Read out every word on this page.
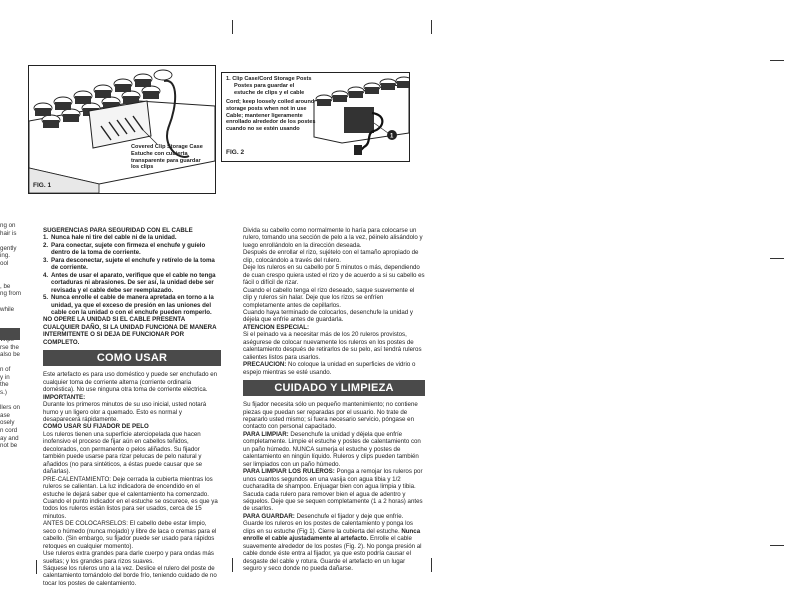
ng on
hair is
gently
ing.
ool
, be
ng from
while
rse the
also be
n of
y in
the
s.)
llers on
ase
osely
n cord
ay and
not be
Covered Clip Storage Case
Estuche con cubierta
transparente para guardar
los clips
FIG. 1
1
1. Clip Case/Cord Storage Posts
Postes para guardar el
estuche de clips y el cable
Cord; keep loosely coiled around
storage posts when not in use
Cable; mantener ligeramente
enrollado alrededor de los postes
cuando no se estén usando
FIG. 2

SUGERENCIAS PARA SEGURIDAD CON EL CABLE

1. Nunca hale ni tire del cable ni de la unidad.
2. Para conectar, sujete con firmeza el enchufe y guíelo dentro de la toma de corriente.
3. Para desconectar, sujete el enchufe y retírelo de la toma de corriente.
4. Antes de usar el aparato, verifique que el cable no tenga cortaduras ni abrasiones. De ser así, la unidad debe ser revisada y el cable debe ser reemplazado.
5. Nunca enrolle el cable de manera apretada en torno a la unidad, ya que el exceso de presión en las uniones del cable con la unidad o con el enchufe pueden romperlo.

NO OPERE LA UNIDAD SI EL CABLE PRESENTA CUALQUIER DAÑO, SI LA UNIDAD FUNCIONA DE MANERA INTERMITENTE O SI DEJA DE FUNCIONAR POR COMPLETO.

COMO USAR

Este artefacto es para uso doméstico y puede ser enchufado en cualquier toma de corriente alterna (corriente ordinaria doméstica). No use ninguna otra toma de corriente eléctrica.

IMPORTANTE:

Durante los primeros minutos de su uso inicial, usted notará humo y un ligero olor a quemado. Esto es normal y desaparecerá rápidamente.

COMO USAR SU FIJADOR DE PELO

Los ruleros tienen una superficie aterciopelada que hacen inofensivo el proceso de fijar aún en cabellos teñidos, decolorados, con permanente o pelos aliñados. Su fijador también puede usarse para rizar pelucas de pelo natural y añadidos (no para sintéticos, a éstas puede causar que se dañarlas).

PRE-CALENTAMIENTO: Deje cerrada la cubierta mientras los ruleros se calientan. La luz indicadora de encendido en el estuche le dejará saber que el calentamiento ha comenzado. Cuando el punto indicador en el estuche se oscurece, es que ya todos los ruleros están listos para ser usados, cerca de 15 minutos.

ANTES DE COLOCARSELOS: El cabello debe estar limpio, seco o húmedo (nunca mojado) y libre de laca o cremas para el cabello. (Sin embargo, su fijador puede ser usado para rápidos retoques en cualquier momento).

Use ruleros extra grandes para darle cuerpo y para ondas más sueltas; y los grandes para rizos suaves.

Sáquese los ruleros uno a la vez. Deslice el rulero del poste de calentamiento tomándolo del borde frío, teniendo cuidado de no tocar los postes de calentamiento.

Divida su cabello como normalmente lo haría para colocarse un rulero, tomando una sección de pelo a la vez, péinelo alisándolo y luego enrollándolo en la dirección deseada.

Después de enrollar el rizo, sujételo con el tamaño apropiado de clip, colocándolo a través del rulero.

Deje los ruleros en su cabello por 5 minutos o más, dependiendo de cuan crespo quiera usted el rizo y de acuerdo a si su cabello es fácil o difícil de rizar.

Cuando el cabello tenga el rizo deseado, saque suavemente el clip y ruleros sin halar. Deje que los rizos se enfríen completamente antes de cepillarlos.

Cuando haya terminado de colocarlos, desenchufe la unidad y déjela que enfríe antes de guardarla.

ATENCION ESPECIAL:

Si el peinado va a necesitar más de los 20 ruleros provistos, aségurese de colocar nuevamente los ruleros en los postes de calentamiento después de retirarlos de su pelo, así tendrá ruleros calientes listos para usarlos.

PRECAUCION: No coloque la unidad en superficies de vidrio o espejo mientras se esté usando.

CUIDADO Y LIMPIEZA

Su fijador necesita sólo un pequeño mantenimiento; no contiene piezas que puedan ser reparadas por el usuario. No trate de repararlo usted mismo; si fuera necesario servicio, póngase en contacto con personal capacitado.

PARA LIMPIAR: Desenchufe la unidad y déjela que enfríe completamente. Limpie el estuche y postes de calentamiento con un paño húmedo. NUNCA sumerja el estuche y postes de calentamiento en ningún líquido. Ruleros y clips pueden también ser limpiados con un paño húmedo.

PARA LIMPIAR LOS RULEROS: Ponga a remojar los ruleros por unos cuantos segundos en una vasija con agua tibia y 1/2 cucharadita de shampoo. Enjuagar bien con agua limpia y tibia. Sacuda cada rulero para remover bien el agua de adentro y séquelos. Deje que se sequen completamente (1 a 2 horas) antes de usarlos.

PARA GUARDAR: Desenchufe el fijador y deje que enfríe. Guarde los ruleros en los postes de calentamiento y ponga los clips en su estuche (Fig 1). Cierre la cubierta del estuche. Nunca enrolle el cable ajustadamente al artefacto. Enrolle el cable suavemente alrededor de los postes (Fig. 2). No ponga presión al cable donde éste entra al fijador, ya que esto podría causar el desgaste del cable y rotura. Guarde el artefacto en un lugar seguro y seco donde no pueda dañarse.
